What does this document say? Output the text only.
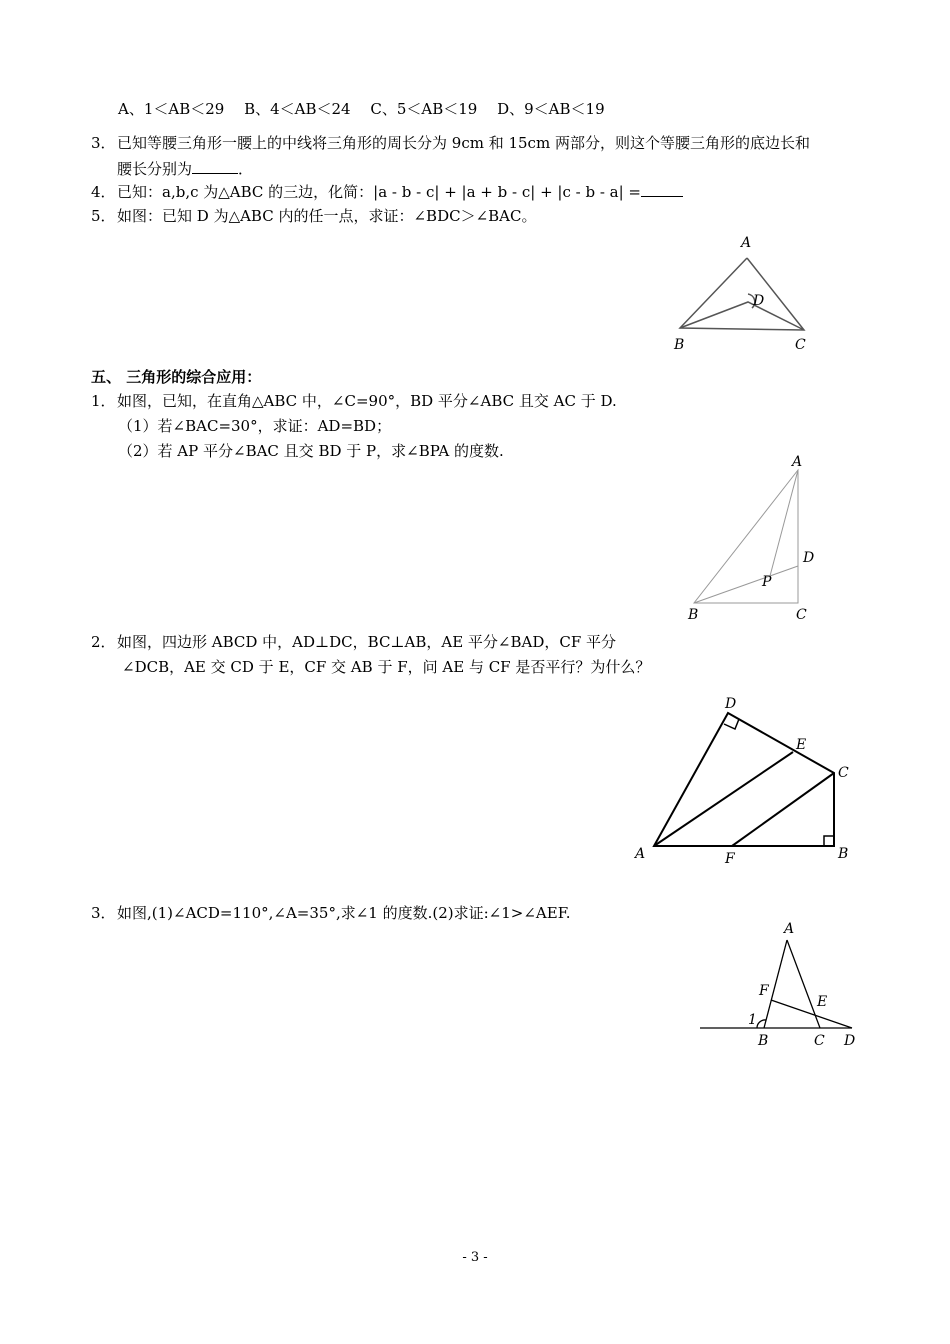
A、1＜AB＜29　 B、4＜AB＜24　 C、5＜AB＜19　 D、9＜AB＜19
3．已知等腰三角形一腰上的中线将三角形的周长分为 9cm 和 15cm 两部分，则这个等腰三角形的底边长和
腰长分别为	．
4．已知：a,b,c 为△ABC 的三边，化简：|a - b - c| + |a + b - c| + |c - b - a| =
5．如图：已知 D 为△ABC 内的任一点，求证：∠BDC＞∠BAC。
A
B	C
D
五、 三角形的综合应用：
1．如图，已知，在直角△ABC 中，∠C=90°，BD 平分∠ABC 且交 AC 于 D.
（1）若∠BAC=30°，求证：AD=BD；
（2）若 AP 平分∠BAC 且交 BD 于 P，求∠BPA 的度数.
A
B	C
D
P
2．如图，四边形 ABCD 中，AD⊥DC，BC⊥AB，AE 平分∠BAD，CF 平分
∠DCB，AE 交 CD 于 E，CF 交 AB 于 F，问 AE 与 CF 是否平行？为什么？
D
E
C
A	F	B
3．如图,(1)∠ACD=110°,∠A=35°,求∠1 的度数.(2)求证:∠1>∠AEF.
A
F
E
1
B	C D
- 3 -
